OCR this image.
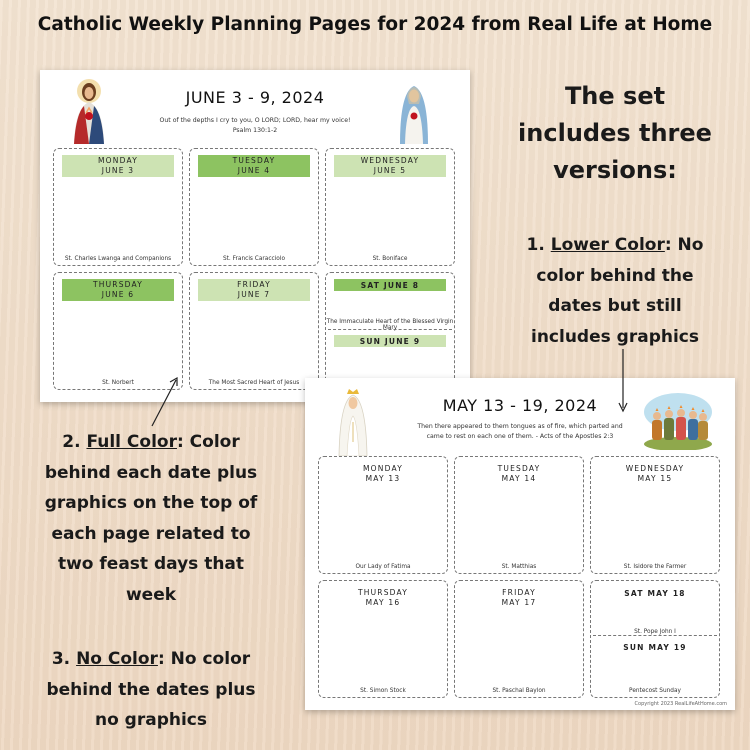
Catholic Weekly Planning Pages for 2024 from Real Life at Home
JUNE 3 - 9, 2024
Out of the depths I cry to you, O LORD; LORD, hear my voice!
Psalm 130:1-2
MONDAY
JUNE 3
St. Charles Lwanga and Companions
TUESDAY
JUNE 4
St. Francis Caracciolo
WEDNESDAY
JUNE 5
St. Boniface
THURSDAY
JUNE 6
St. Norbert
FRIDAY
JUNE 7
The Most Sacred Heart of Jesus
SAT JUNE 8
The Immaculate Heart of the Blessed Virgin Mary
SUN JUNE 9
MAY 13 - 19, 2024
Then there appeared to them tongues as of fire, which parted and
came to rest on each one of them. - Acts of the Apostles 2:3
MONDAY
MAY 13
Our Lady of Fatima
TUESDAY
MAY 14
St. Matthias
WEDNESDAY
MAY 15
St. Isidore the Farmer
THURSDAY
MAY 16
St. Simon Stock
FRIDAY
MAY 17
St. Paschal Baylon
SAT MAY 18
St. Pope John I
SUN MAY 19
Pentecost Sunday
Copyright 2023 RealLifeAtHome.com
The set
includes three
versions:
1. Lower Color: No
color behind the
dates but still
includes graphics
2. Full Color: Color
behind each date plus
graphics on the top of
each page related to
two feast days that
week
3. No Color: No color
behind the dates plus
no graphics
